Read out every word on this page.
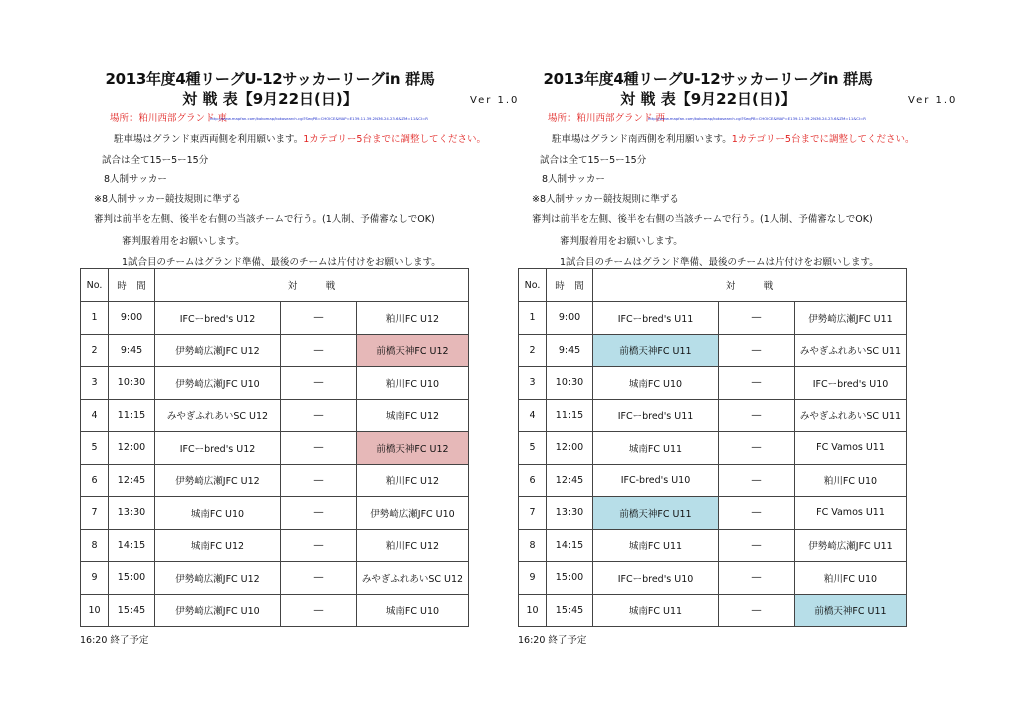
2013年度4種リーグU-12サッカーリーグin 群馬
対 戦 表【9月22日(日)】	Ver 1.0
場所：粕川西部グランド 東
http://www.mapfan.com/kokomap/kokosearch.cgi?SeqPB=CHOICE&MAP=E139.11.39.2N36.24.23.6&ZM=11&CI=R
駐車場はグランド東西両側を利用願います。1カテゴリー5台までに調整してください。
試合は全て15ー5ー15分
8人制サッカー
※8人制サッカー競技規則に準ずる
審判は前半を左側、後半を右側の当該チームで行う。(1人制、予備審なしでOK)
審判服着用をお願いします。
1試合目のチームはグランド準備、最後のチームは片付けをお願いします。
No.	時　間	対　　　戦		
1	9:00	IFCーbred's U12	―	粕川FC U12
2	9:45	伊勢崎広瀬JFC U12	―	前橋天神FC U12
3	10:30	伊勢崎広瀬JFC U10	―	粕川FC U10
4	11:15	みやぎふれあいSC U12	―	城南FC U12
5	12:00	IFCーbred's U12	―	前橋天神FC U12
6	12:45	伊勢崎広瀬JFC U12	―	粕川FC U12
7	13:30	城南FC U10	―	伊勢崎広瀬JFC U10
8	14:15	城南FC U12	―	粕川FC U12
9	15:00	伊勢崎広瀬JFC U12	―	みやぎふれあいSC U12
10	15:45	伊勢崎広瀬JFC U10	―	城南FC U10
16:20 終了予定
2013年度4種リーグU-12サッカーリーグin 群馬
対 戦 表【9月22日(日)】	Ver 1.0
場所：粕川西部グランド 西
http://www.mapfan.com/kokomap/kokosearch.cgi?SeqPB=CHOICE&MAP=E139.11.39.2N36.24.23.6&ZM=11&CI=R
駐車場はグランド南西側を利用願います。1カテゴリー5台までに調整してください。
試合は全て15ー5ー15分
8人制サッカー
※8人制サッカー競技規則に準ずる
審判は前半を左側、後半を右側の当該チームで行う。(1人制、予備審なしでOK)
審判服着用をお願いします。
1試合目のチームはグランド準備、最後のチームは片付けをお願いします。
No.	時　間	対　　　戦		
1	9:00	IFCーbred's U11	―	伊勢崎広瀬JFC U11
2	9:45	前橋天神FC U11	―	みやぎふれあいSC U11
3	10:30	城南FC U10	―	IFCーbred's U10
4	11:15	IFCーbred's U11	―	みやぎふれあいSC U11
5	12:00	城南FC U11	―	FC Vamos U11
6	12:45	IFC-bred's U10	―	粕川FC U10
7	13:30	前橋天神FC U11	―	FC Vamos U11
8	14:15	城南FC U11	―	伊勢崎広瀬JFC U11
9	15:00	IFCーbred's U10	―	粕川FC U10
10	15:45	城南FC U11	―	前橋天神FC U11
16:20 終了予定
